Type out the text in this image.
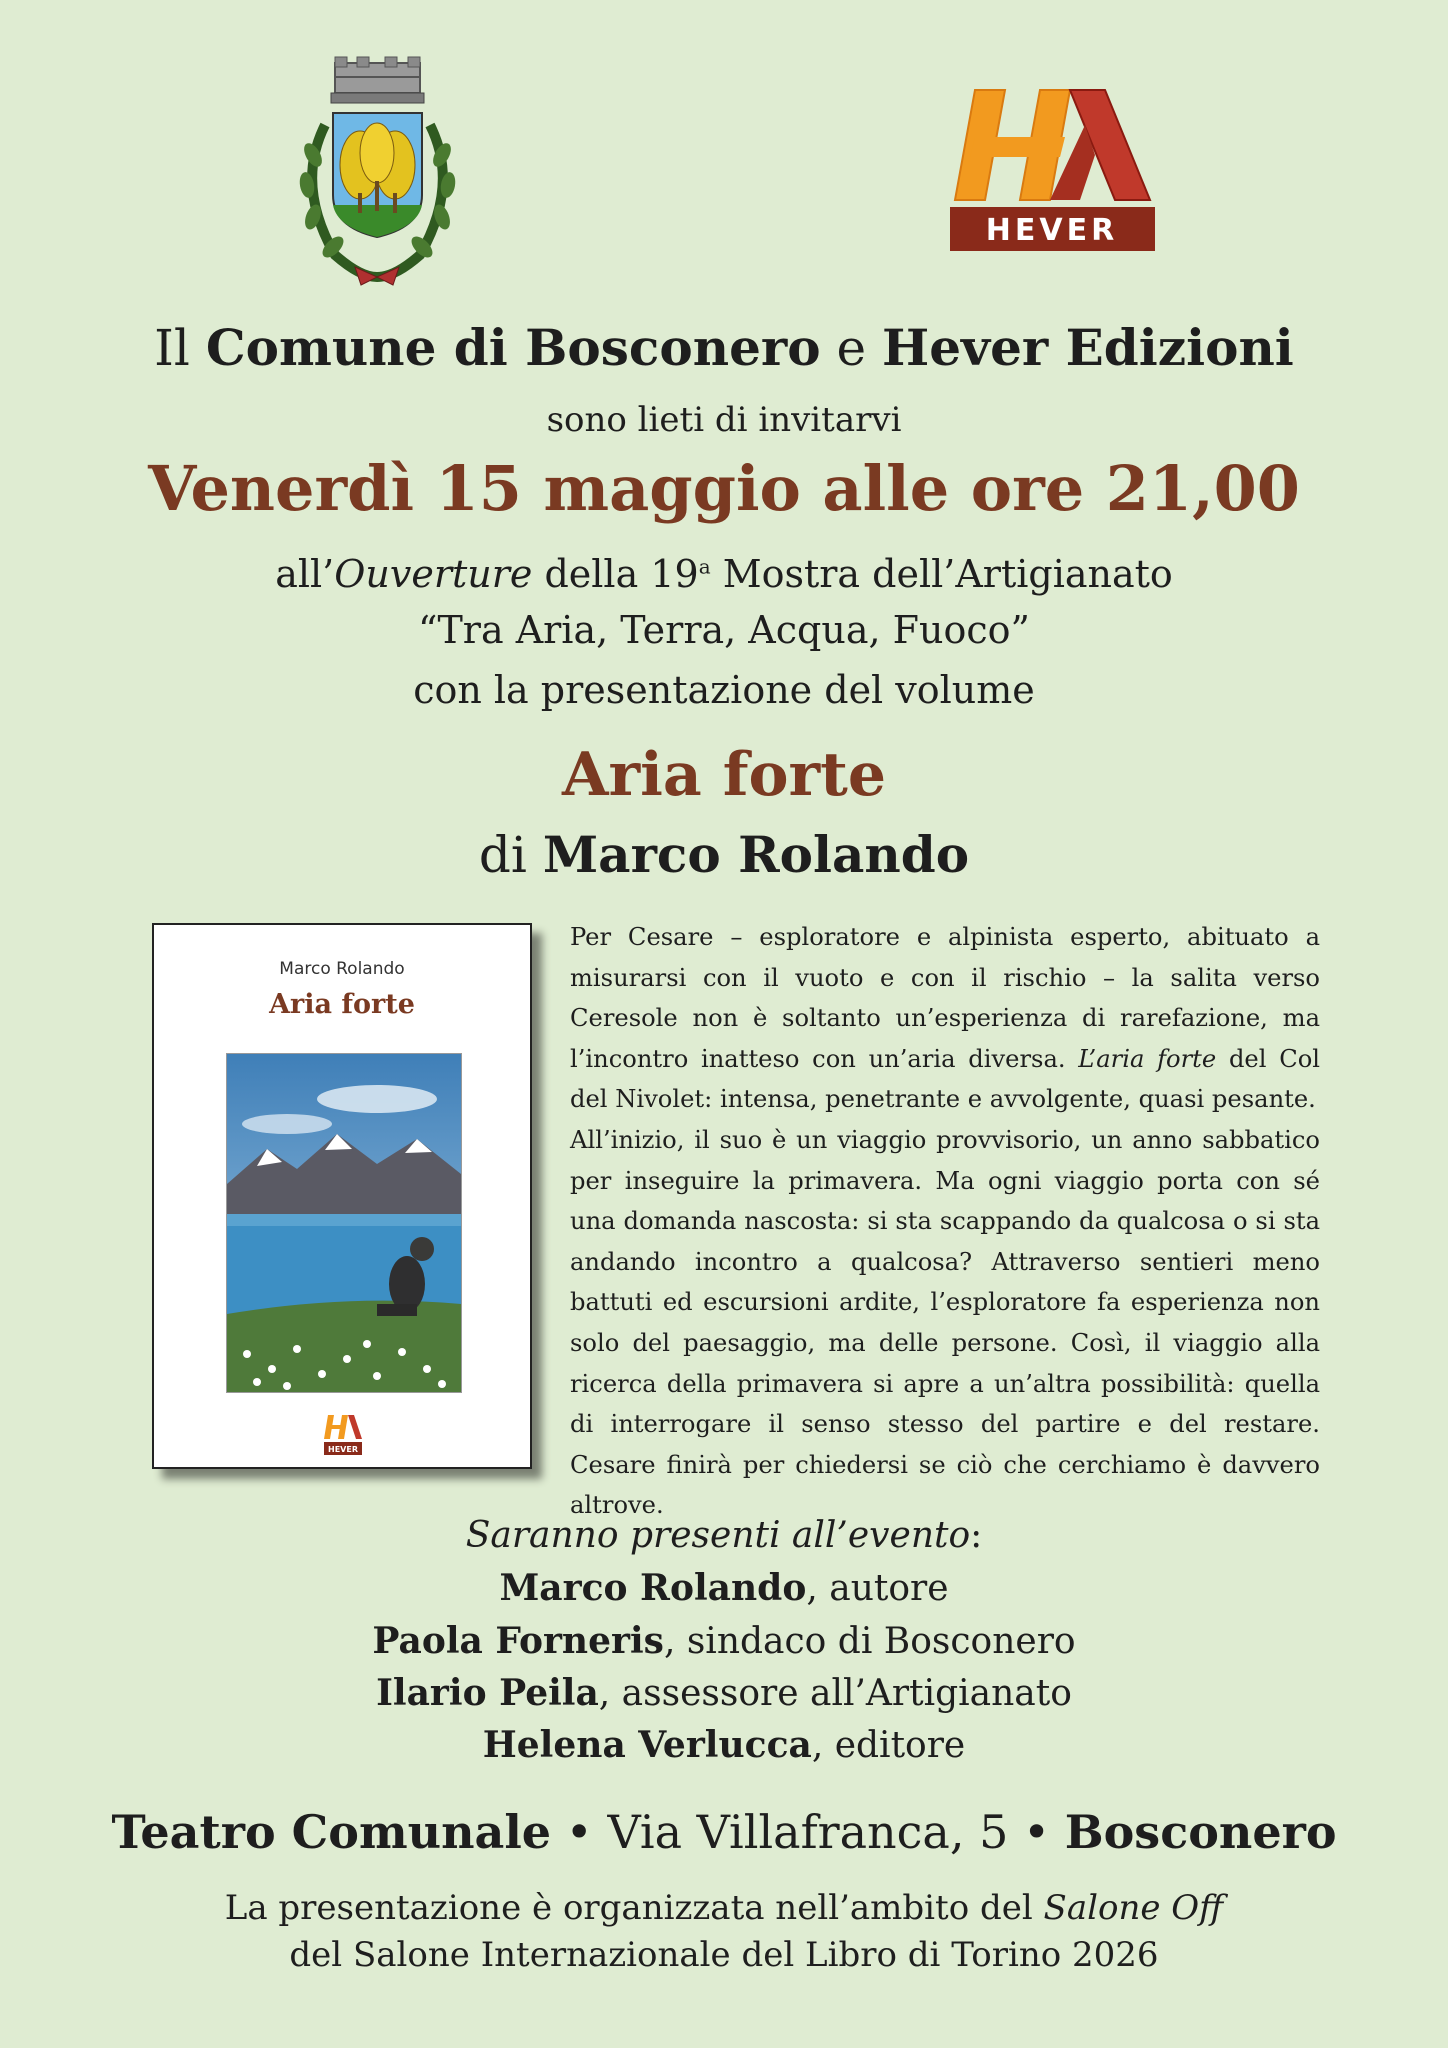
HEVER
Il Comune di Bosconero e Hever Edizioni
sono lieti di invitarvi
Venerdì 15 maggio alle ore 21,00
all’Ouverture della 19$^a$ Mostra dell’Artigianato
“Tra Aria, Terra, Acqua, Fuoco”
con la presentazione del volume
Aria forte
di Marco Rolando
Marco Rolando
Aria forte
HEVER

Per Cesare – esploratore e alpinista esperto, abituato a misurarsi con il vuoto e con il rischio – la salita verso Ceresole non è soltanto un’esperienza di rarefazione, ma l’incontro inatteso con un’aria diversa. L’aria forte del Col del Nivolet: intensa, penetrante e avvolgente, quasi pesante.

All’inizio, il suo è un viaggio provvisorio, un anno sabbatico per inseguire la primavera. Ma ogni viaggio porta con sé una domanda nascosta: si sta scappando da qualcosa o si sta andando incontro a qualcosa? Attraverso sentieri meno battuti ed escursioni ardite, l’esploratore fa esperienza non solo del paesaggio, ma delle persone. Così, il viaggio alla ricerca della primavera si apre a un’altra possibilità: quella di interrogare il senso stesso del partire e del restare. Cesare finirà per chiedersi se ciò che cerchiamo è davvero altrove.

Saranno presenti all’evento:
Marco Rolando, autore
Paola Forneris, sindaco di Bosconero
Ilario Peila, assessore all’Artigianato
Helena Verlucca, editore
Teatro Comunale • Via Villafranca, 5 • Bosconero
La presentazione è organizzata nell’ambito del Salone Off
del Salone Internazionale del Libro di Torino 2026
